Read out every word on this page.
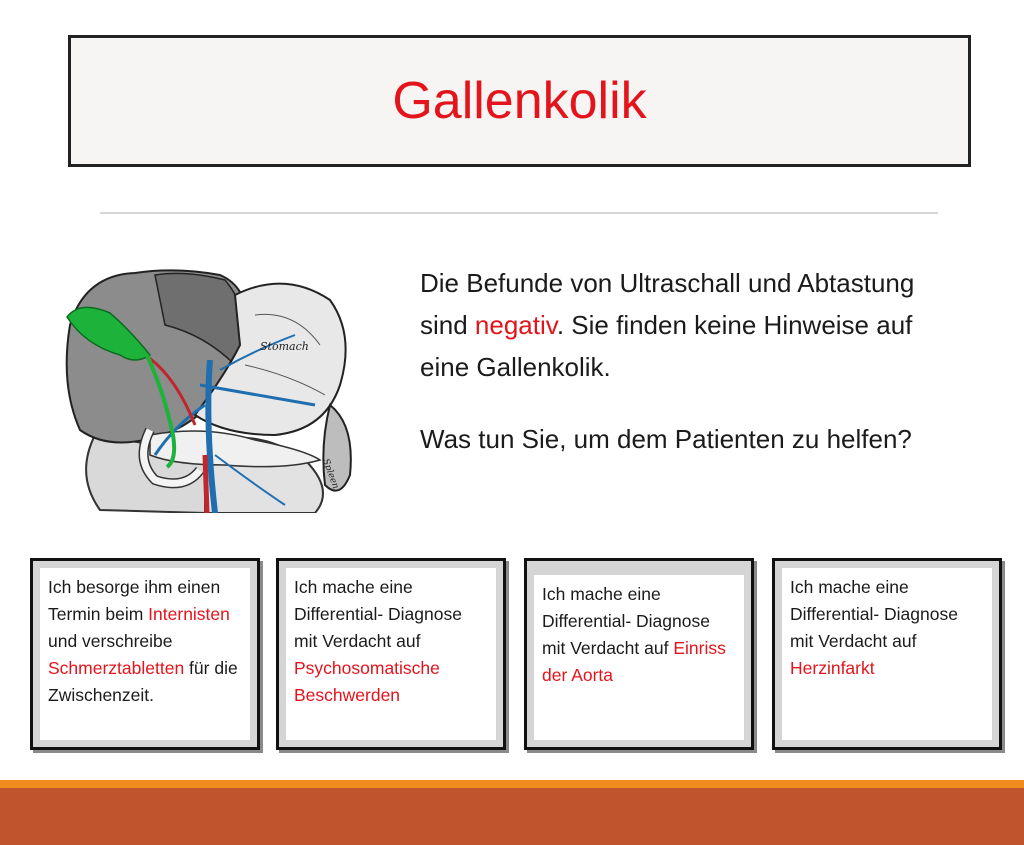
Gallenkolik
Stomach
Spleen

Die Befunde von Ultraschall und Abtastung sind negativ. Sie finden keine Hinweise auf eine Gallenkolik.

Was tun Sie, um dem Patienten zu helfen?

Ich besorge ihm einen Termin beim Internisten und verschreibe Schmerztabletten für die Zwischenzeit.
Ich mache eine Differential- Diagnose mit Verdacht auf Psychosomatische Beschwerden
Ich mache eine Differential- Diagnose mit Verdacht auf Einriss der Aorta
Ich mache eine Differential- Diagnose mit Verdacht auf Herzinfarkt
